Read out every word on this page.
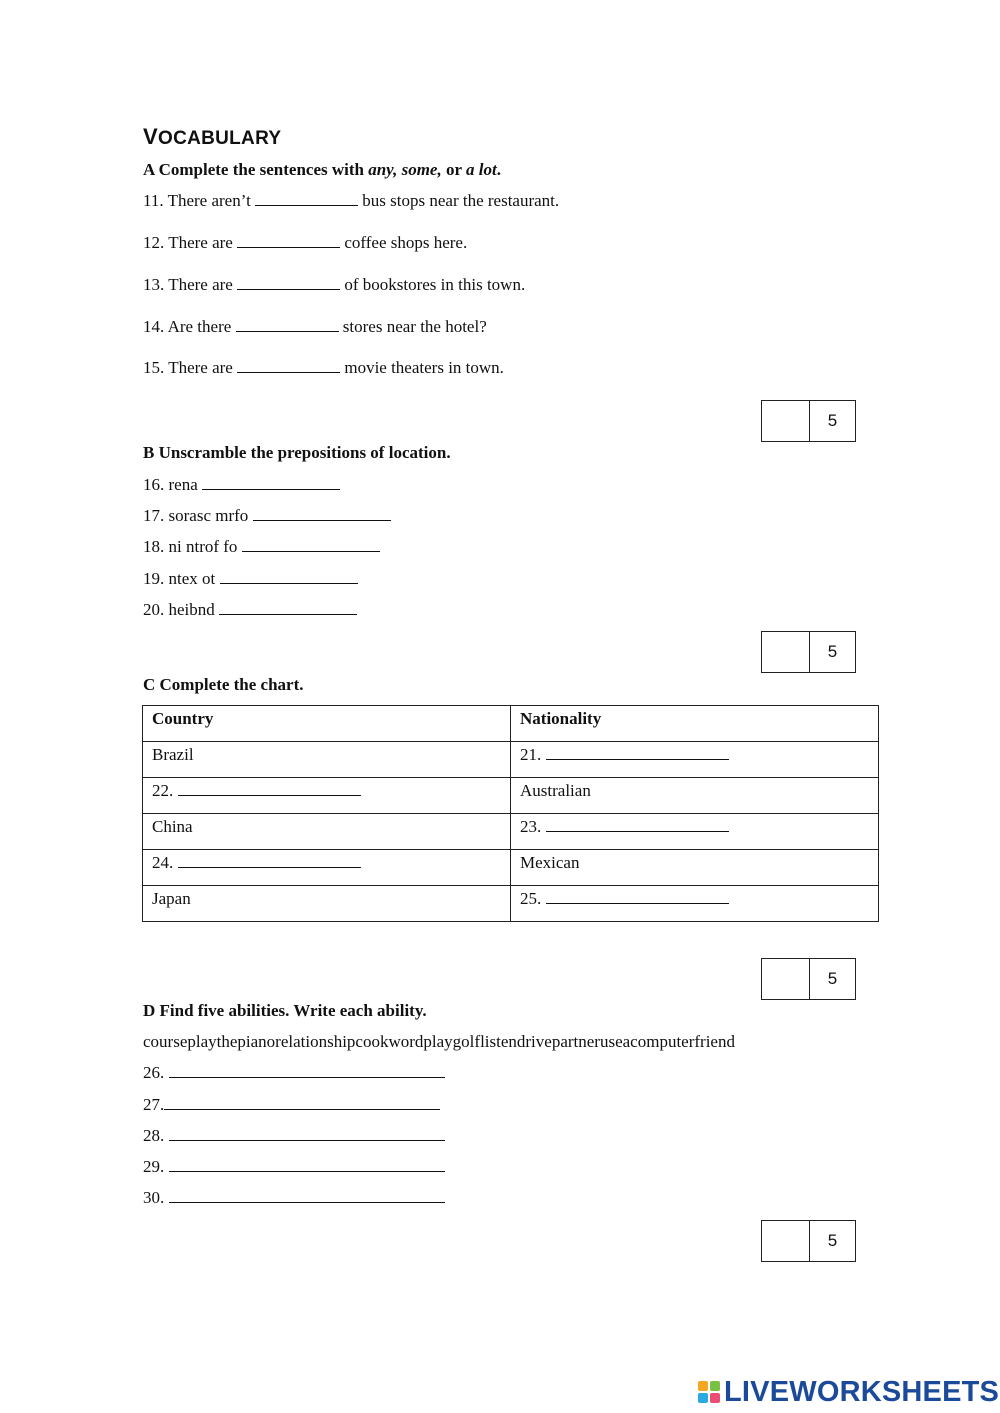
VOCABULARY
A Complete the sentences with any, some, or a lot.
11. There aren’t	bus stops near the restaurant.
12. There are	coffee shops here.
13. There are	of bookstores in this town.
14. Are there	stores near the hotel?
15. There are	movie theaters in town.
5
B Unscramble the prepositions of location.
16. rena
17. sorasc mrfo
18. ni ntrof fo
19. ntex ot
20. heibnd
5
C Complete the chart.
Country	Nationality
Brazil	21.
22.	Australian
China	23.
24.	Mexican
Japan	25.
5
D Find five abilities. Write each ability.
courseplaythepianorelationshipcookwordplaygolflistendrivepartneruseacomputerfriend
26.
27.
28.
29.
30.
5
LIVEWORKSHEETS
